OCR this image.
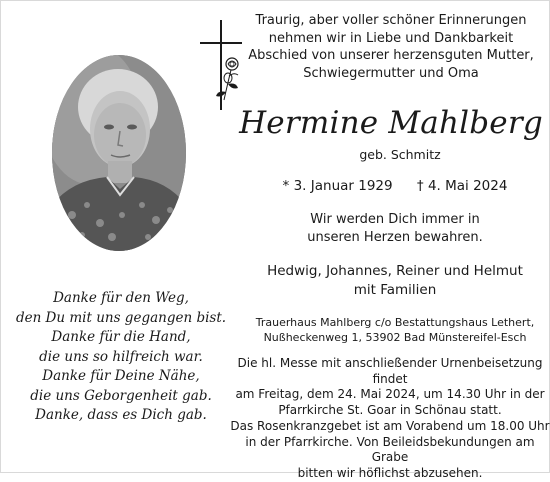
Traurig, aber voller schöner Erinnerungen
nehmen wir in Liebe und Dankbarkeit
Abschied von unserer herzensguten Mutter,
Schwiegermutter und Oma
Hermine Mahlberg
geb. Schmitz
* 3. Januar 1929 † 4. Mai 2024
Wir werden Dich immer in
unseren Herzen bewahren.
Hedwig, Johannes, Reiner und Helmut
mit Familien
Trauerhaus Mahlberg c/o Bestattungshaus Lethert,
Nußheckenweg 1, 53902 Bad Münstereifel-Esch
Die hl. Messe mit anschließender Urnenbeisetzung findet
am Freitag, dem 24. Mai 2024, um 14.30 Uhr in der
Pfarrkirche St. Goar in Schönau statt.
Das Rosenkranzgebet ist am Vorabend um 18.00 Uhr
in der Pfarrkirche. Von Beileidsbekundungen am Grabe
bitten wir höflichst abzusehen.
Danke für den Weg,
den Du mit uns gegangen bist.
Danke für die Hand,
die uns so hilfreich war.
Danke für Deine Nähe,
die uns Geborgenheit gab.
Danke, dass es Dich gab.
